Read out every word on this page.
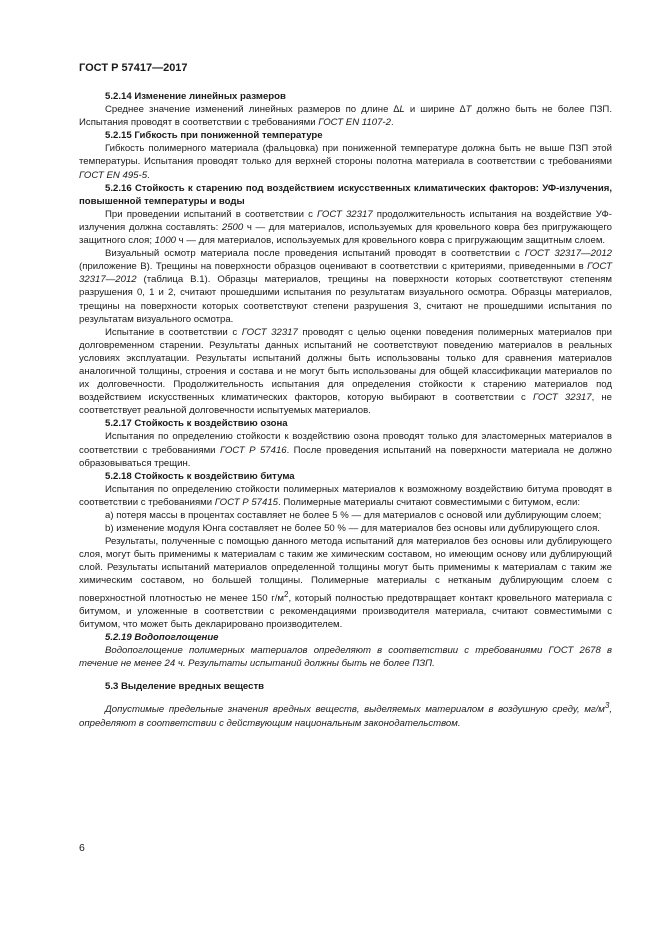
ГОСТ Р 57417—2017

5.2.14 Изменение линейных размеров

Среднее значение изменений линейных размеров по длине ∆L и ширине ∆T должно быть не более ПЗП. Испытания проводят в соответствии с требованиями ГОСТ EN 1107-2.

5.2.15 Гибкость при пониженной температуре

Гибкость полимерного материала (фальцовка) при пониженной температуре должна быть не выше ПЗП этой температуры. Испытания проводят только для верхней стороны полотна материала в соответствии с требованиями ГОСТ EN 495-5.

5.2.16 Стойкость к старению под воздействием искусственных климатических факторов: УФ-излучения, повышенной температуры и воды

При проведении испытаний в соответствии с ГОСТ 32317 продолжительность испытания на воздействие УФ-излучения должна составлять: 2500 ч — для материалов, используемых для кровельного ковра без пригружающего защитного слоя; 1000 ч — для материалов, используемых для кровельного ковра с пригружающим защитным слоем.

Визуальный осмотр материала после проведения испытаний проводят в соответствии с ГОСТ 32317—2012 (приложение В). Трещины на поверхности образцов оценивают в соответствии с критериями, приведенными в ГОСТ 32317—2012 (таблица В.1). Образцы материалов, трещины на поверхности которых соответствуют степеням разрушения 0, 1 и 2, считают прошедшими испытания по результатам визуального осмотра. Образцы материалов, трещины на поверхности которых соответствуют степени разрушения 3, считают не прошедшими испытания по результатам визуального осмотра.

Испытание в соответствии с ГОСТ 32317 проводят с целью оценки поведения полимерных материалов при долговременном старении. Результаты данных испытаний не соответствуют поведению материалов в реальных условиях эксплуатации. Результаты испытаний должны быть использованы только для сравнения материалов аналогичной толщины, строения и состава и не могут быть использованы для общей классификации материалов по их долговечности. Продолжительность испытания для определения стойкости к старению материалов под воздействием искусственных климатических факторов, которую выбирают в соответствии с ГОСТ 32317, не соответствует реальной долговечности испытуемых материалов.

5.2.17 Стойкость к воздействию озона

Испытания по определению стойкости к воздействию озона проводят только для эластомерных материалов в соответствии с требованиями ГОСТ Р 57416. После проведения испытаний на поверхности материала не должно образовываться трещин.

5.2.18 Стойкость к воздействию битума

Испытания по определению стойкости полимерных материалов к возможному воздействию битума проводят в соответствии с требованиями ГОСТ Р 57415. Полимерные материалы считают совместимыми с битумом, если:

а) потеря массы в процентах составляет не более 5 % — для материалов с основой или дублирующим слоем;

b) изменение модуля Юнга составляет не более 50 % — для материалов без основы или дублирующего слоя.

Результаты, полученные с помощью данного метода испытаний для материалов без основы или дублирующего слоя, могут быть применимы к материалам с таким же химическим составом, но имеющим основу или дублирующий слой. Результаты испытаний материалов определенной толщины могут быть применимы к материалам с таким же химическим составом, но большей толщины. Полимерные материалы с нетканым дублирующим слоем с поверхностной плотностью не менее 150 $г/м^2$, который полностью предотвращает контакт кровельного материала с битумом, и уложенные в соответствии с рекомендациями производителя материала, считают совместимыми с битумом, что может быть декларировано производителем.

5.2.19 Водопоглощение

Водопоглощение полимерных материалов определяют в соответствии с требованиями ГОСТ 2678 в течение не менее 24 ч. Результаты испытаний должны быть не более ПЗП.

5.3 Выделение вредных веществ

Допустимые предельные значения вредных веществ, выделяемых материалом в воздушную среду, $мг/м^3$, определяют в соответствии с действующим национальным законодательством.

6
